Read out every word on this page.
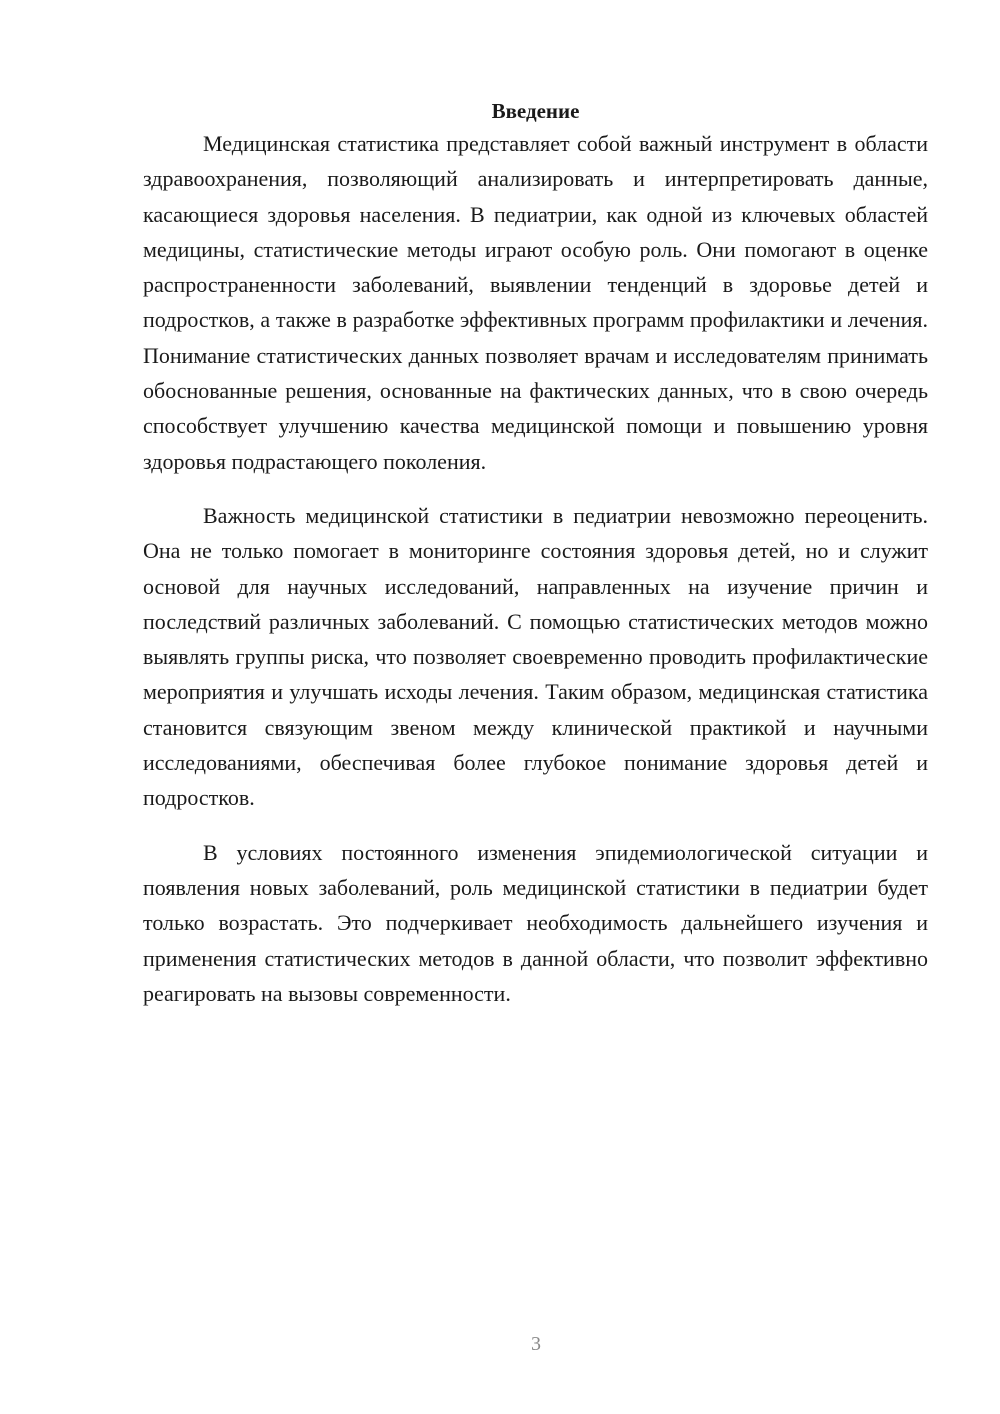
Введение

Медицинская статистика представляет собой важный инструмент в области здравоохранения, позволяющий анализировать и интерпретировать данные, касающиеся здоровья населения. В педиатрии, как одной из ключевых областей медицины, статистические методы играют особую роль. Они помогают в оценке распространенности заболеваний, выявлении тенденций в здоровье детей и подростков, а также в разработке эффективных программ профилактики и лечения. Понимание статистических данных позволяет врачам и исследователям принимать обоснованные решения, основанные на фактических данных, что в свою очередь способствует улучшению качества медицинской помощи и повышению уровня здоровья подрастающего поколения.

Важность медицинской статистики в педиатрии невозможно переоценить. Она не только помогает в мониторинге состояния здоровья детей, но и служит основой для научных исследований, направленных на изучение причин и последствий различных заболеваний. С помощью статистических методов можно выявлять группы риска, что позволяет своевременно проводить профилактические мероприятия и улучшать исходы лечения. Таким образом, медицинская статистика становится связующим звеном между клинической практикой и научными исследованиями, обеспечивая более глубокое понимание здоровья детей и подростков.

В условиях постоянного изменения эпидемиологической ситуации и появления новых заболеваний, роль медицинской статистики в педиатрии будет только возрастать. Это подчеркивает необходимость дальнейшего изучения и применения статистических методов в данной области, что позволит эффективно реагировать на вызовы современности.

3
